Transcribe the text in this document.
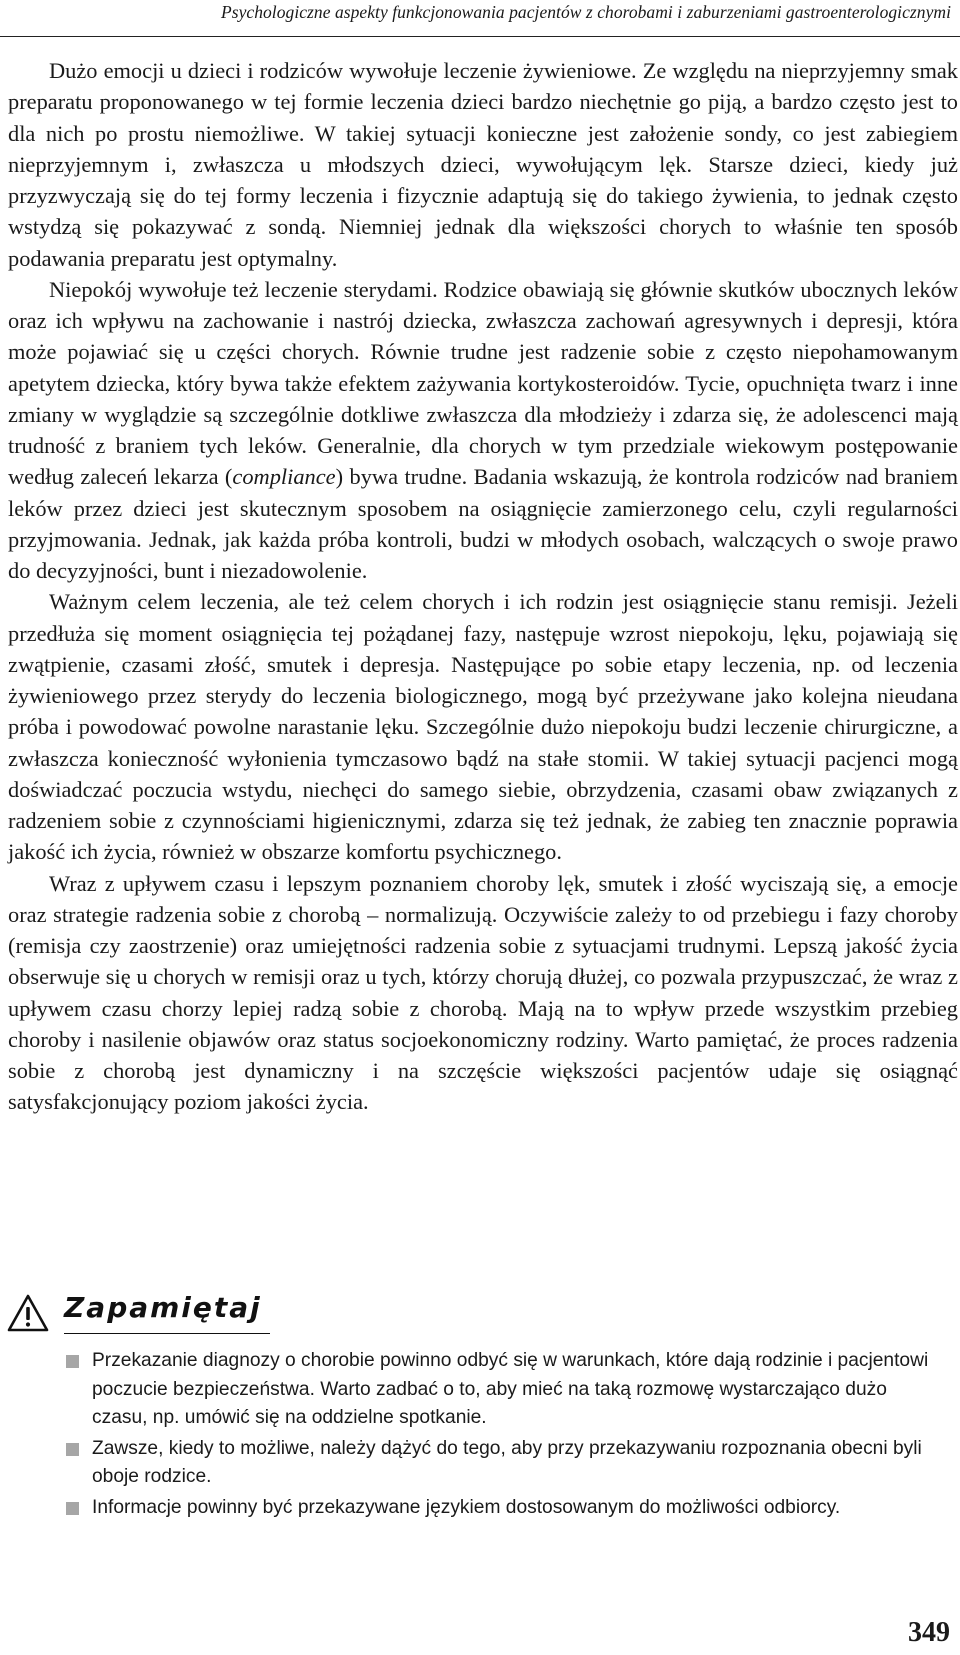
Psychologiczne aspekty funkcjonowania pacjentów z chorobami i zaburzeniami gastroenterologicznymi

Dużo emocji u dzieci i rodziców wywołuje leczenie żywieniowe. Ze względu na nieprzyjemny smak preparatu proponowanego w tej formie leczenia dzieci bardzo niechętnie go piją, a bardzo często jest to dla nich po prostu niemożliwe. W takiej sytuacji konieczne jest założenie sondy, co jest zabiegiem nieprzyjemnym i, zwłaszcza u młodszych dzieci, wywołującym lęk. Starsze dzieci, kiedy już przyzwyczają się do tej formy leczenia i fizycznie adaptują się do takiego żywienia, to jednak często wstydzą się pokazywać z sondą. Niemniej jednak dla większości chorych to właśnie ten sposób podawania preparatu jest optymalny.

Niepokój wywołuje też leczenie sterydami. Rodzice obawiają się głównie skutków ubocznych leków oraz ich wpływu na zachowanie i nastrój dziecka, zwłaszcza zachowań agresywnych i depresji, która może pojawiać się u części chorych. Równie trudne jest radzenie sobie z często niepohamowanym apetytem dziecka, który bywa także efektem zażywania kortykosteroidów. Tycie, opuchnięta twarz i inne zmiany w wyglądzie są szczególnie dotkliwe zwłaszcza dla młodzieży i zdarza się, że adolescenci mają trudność z braniem tych leków. Generalnie, dla chorych w tym przedziale wiekowym postępowanie według zaleceń lekarza (compliance) bywa trudne. Badania wskazują, że kontrola rodziców nad braniem leków przez dzieci jest skutecznym sposobem na osiągnięcie zamierzonego celu, czyli regularności przyjmowania. Jednak, jak każda próba kontroli, budzi w młodych osobach, walczących o swoje prawo do decyzyjności, bunt i niezadowolenie.

Ważnym celem leczenia, ale też celem chorych i ich rodzin jest osiągnięcie stanu remisji. Jeżeli przedłuża się moment osiągnięcia tej pożądanej fazy, następuje wzrost niepokoju, lęku, pojawiają się zwątpienie, czasami złość, smutek i depresja. Następujące po sobie etapy leczenia, np. od leczenia żywieniowego przez sterydy do leczenia biologicznego, mogą być przeżywane jako kolejna nieudana próba i powodować powolne narastanie lęku. Szczególnie dużo niepokoju budzi leczenie chirurgiczne, a zwłaszcza konieczność wyłonienia tymczasowo bądź na stałe stomii. W takiej sytuacji pacjenci mogą doświadczać poczucia wstydu, niechęci do samego siebie, obrzydzenia, czasami obaw związanych z radzeniem sobie z czynnościami higienicznymi, zdarza się też jednak, że zabieg ten znacznie poprawia jakość ich życia, również w obszarze komfortu psychicznego.

Wraz z upływem czasu i lepszym poznaniem choroby lęk, smutek i złość wyciszają się, a emocje oraz strategie radzenia sobie z chorobą – normalizują. Oczywiście zależy to od przebiegu i fazy choroby (remisja czy zaostrzenie) oraz umiejętności radzenia sobie z sytuacjami trudnymi. Lepszą jakość życia obserwuje się u chorych w remisji oraz u tych, którzy chorują dłużej, co pozwala przypuszczać, że wraz z upływem czasu chorzy lepiej radzą sobie z chorobą. Mają na to wpływ przede wszystkim przebieg choroby i nasilenie objawów oraz status socjoekonomiczny rodziny. Warto pamiętać, że proces radzenia sobie z chorobą jest dynamiczny i na szczęście większości pacjentów udaje się osiągnąć satysfakcjonujący poziom jakości życia.

Zapamiętaj
Przekazanie diagnozy o chorobie powinno odbyć się w warunkach, które dają rodzinie i pacjentowi poczucie bezpieczeństwa. Warto zadbać o to, aby mieć na taką rozmowę wystarczająco dużo czasu, np. umówić się na oddzielne spotkanie.
Zawsze, kiedy to możliwe, należy dążyć do tego, aby przy przekazywaniu rozpoznania obecni byli oboje rodzice.
Informacje powinny być przekazywane językiem dostosowanym do możliwości odbiorcy.
349
